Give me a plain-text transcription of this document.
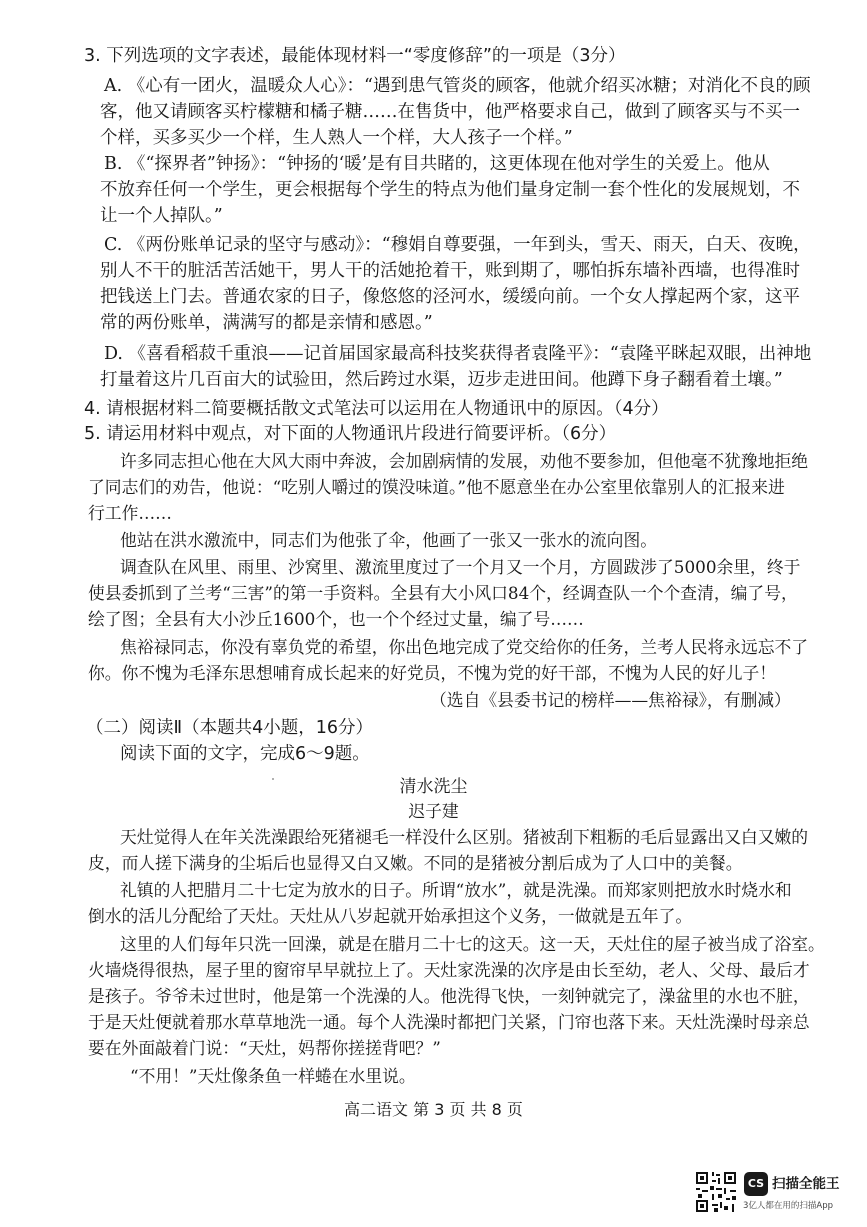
3. 下列选项的文字表述，最能体现材料一“零度修辞”的一项是（3分）
A. 《心有一团火，温暖众人心》：“遇到患气管炎的顾客，他就介绍买冰糖；对消化不良的顾
客，他又请顾客买柠檬糖和橘子糖……在售货中，他严格要求自己，做到了顾客买与不买一
个样，买多买少一个样，生人熟人一个样，大人孩子一个样。”
B. 《“探界者”钟扬》：“钟扬的‘暖’是有目共睹的，这更体现在他对学生的关爱上。他从
不放弃任何一个学生，更会根据每个学生的特点为他们量身定制一套个性化的发展规划，不
让一个人掉队。”
C. 《两份账单记录的坚守与感动》：“穆娟自尊要强，一年到头，雪天、雨天，白天、夜晚，
别人不干的脏活苦活她干，男人干的活她抢着干，账到期了，哪怕拆东墙补西墙，也得准时
把钱送上门去。普通农家的日子，像悠悠的泾河水，缓缓向前。一个女人撑起两个家，这平
常的两份账单，满满写的都是亲情和感恩。”
D. 《喜看稻菽千重浪——记首届国家最高科技奖获得者袁隆平》：“袁隆平眯起双眼，出神地
打量着这片几百亩大的试验田，然后跨过水渠，迈步走进田间。他蹲下身子翻看着土壤。”
4. 请根据材料二简要概括散文式笔法可以运用在人物通讯中的原因。（4分）
5. 请运用材料中观点，对下面的人物通讯片段进行简要评析。（6分）
许多同志担心他在大风大雨中奔波，会加剧病情的发展，劝他不要参加，但他毫不犹豫地拒绝
了同志们的劝告，他说：“吃别人嚼过的馍没味道。”他不愿意坐在办公室里依靠别人的汇报来进
行工作……
他站在洪水激流中，同志们为他张了伞，他画了一张又一张水的流向图。
调查队在风里、雨里、沙窝里、激流里度过了一个月又一个月，方圆跋涉了5000余里，终于
使县委抓到了兰考“三害”的第一手资料。全县有大小风口84个，经调查队一个个查清，编了号，
绘了图；全县有大小沙丘1600个，也一个个经过丈量，编了号……
焦裕禄同志，你没有辜负党的希望，你出色地完成了党交给你的任务，兰考人民将永远忘不了
你。你不愧为毛泽东思想哺育成长起来的好党员，不愧为党的好干部，不愧为人民的好儿子！
（选自《县委书记的榜样——焦裕禄》，有删减）
（二）阅读Ⅱ（本题共4小题，16分）
阅读下面的文字，完成6～9题。
清水洗尘
迟子建
天灶觉得人在年关洗澡跟给死猪褪毛一样没什么区别。猪被刮下粗粝的毛后显露出又白又嫩的
皮，而人搓下满身的尘垢后也显得又白又嫩。不同的是猪被分割后成为了人口中的美餐。
礼镇的人把腊月二十七定为放水的日子。所谓“放水”，就是洗澡。而郑家则把放水时烧水和
倒水的活儿分配给了天灶。天灶从八岁起就开始承担这个义务，一做就是五年了。
这里的人们每年只洗一回澡，就是在腊月二十七的这天。这一天，天灶住的屋子被当成了浴室。
火墙烧得很热，屋子里的窗帘早早就拉上了。天灶家洗澡的次序是由长至幼，老人、父母、最后才
是孩子。爷爷未过世时，他是第一个洗澡的人。他洗得飞快，一刻钟就完了，澡盆里的水也不脏，
于是天灶便就着那水草草地洗一通。每个人洗澡时都把门关紧，门帘也落下来。天灶洗澡时母亲总
要在外面敲着门说：“天灶，妈帮你搓搓背吧？”
“不用！”天灶像条鱼一样蜷在水里说。
高二语文 第 3 页 共 8 页
CS 扫描全能王
3亿人都在用的扫描App
